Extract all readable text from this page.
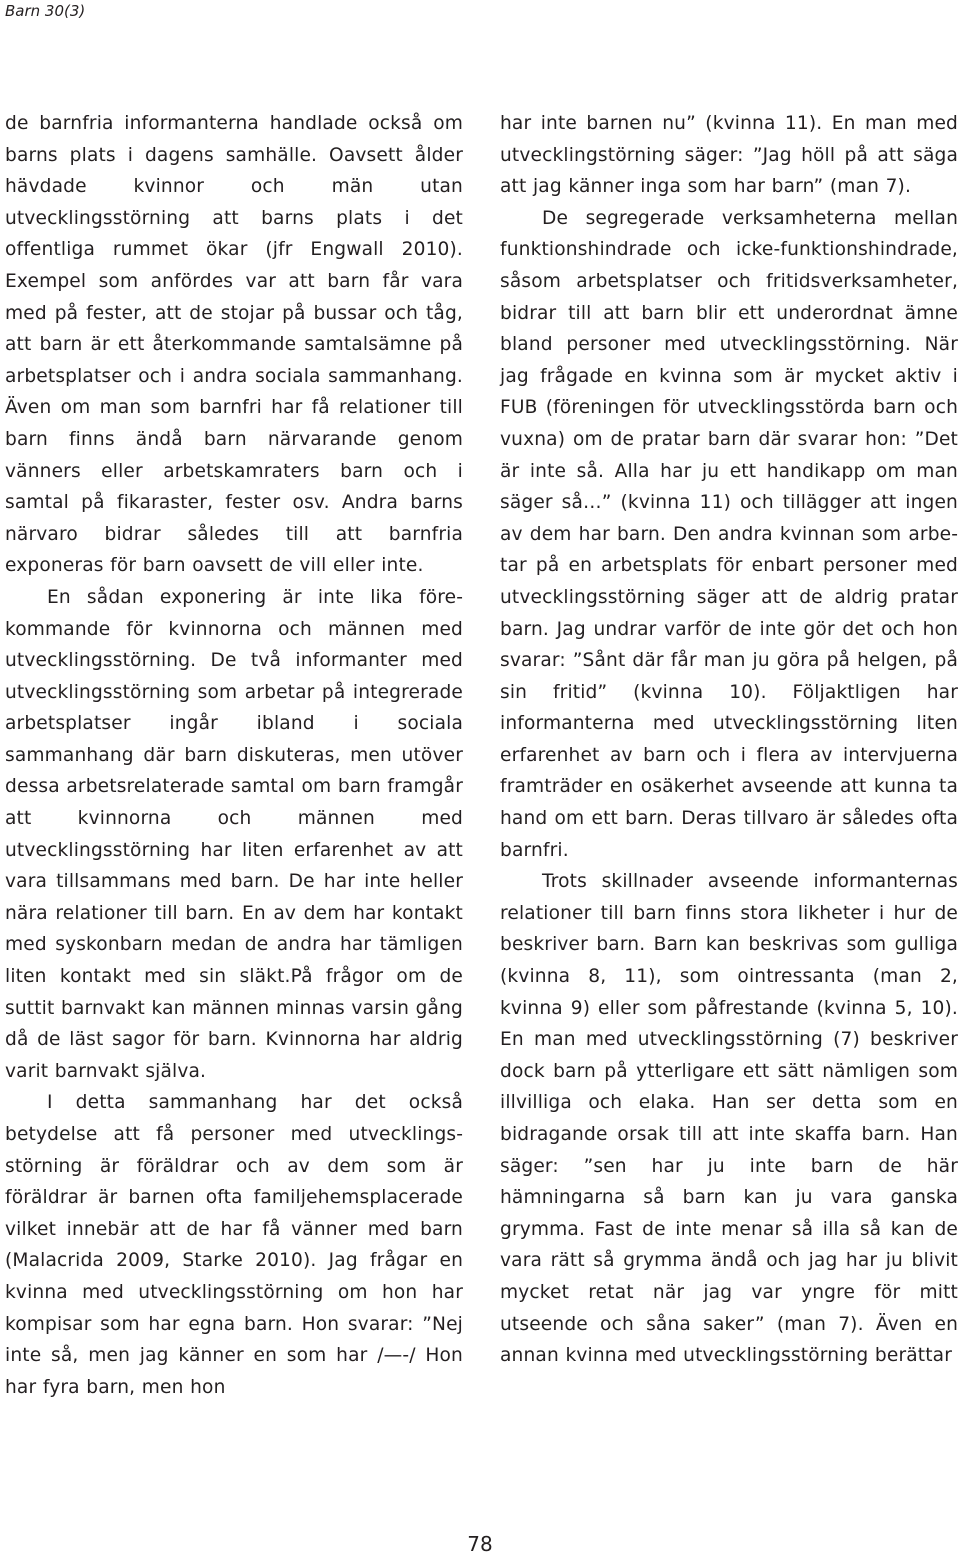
Barn 30(3)

de barnfria informanterna handlade också om barns plats i dagens samhälle. Oavsett ålder hävdade kvinnor och män utan utvecklingsstörning att barns plats i det offentliga rummet ökar (jfr Engwall 2010). Exempel som anfördes var att barn får vara med på fester, att de stojar på bussar och tåg, att barn är ett återkommande samtalsämne på arbetsplatser och i andra sociala sammanhang. Även om man som barnfri har få relationer till barn finns ändå barn närvarande genom vänners eller arbetskamraters barn och i samtal på fikaraster, fester osv. Andra barns närvaro bidrar således till att barnfria exponeras för barn oavsett de vill eller inte.

En sådan exponering är inte lika förekommande för kvinnorna och männen med utvecklingsstörning. De två informanter med utvecklingsstörning som arbetar på integrerade arbetsplatser ingår ibland i sociala sammanhang där barn diskuteras, men utöver dessa arbetsrelaterade samtal om barn framgår att kvinnorna och männen med utvecklingsstörning har liten erfarenhet av att vara tillsammans med barn. De har inte heller nära relationer till barn. En av dem har kontakt med syskonbarn medan de andra har tämligen liten kontakt med sin släkt.På frågor om de suttit barnvakt kan männen minnas varsin gång då de läst sagor för barn. Kvinnorna har aldrig varit barnvakt själva.

I detta sammanhang har det också betydelse att få personer med utvecklingsstörning är föräldrar och av dem som är föräldrar är barnen ofta familjehemsplacerade vilket innebär att de har få vänner med barn (Malacrida 2009, Starke 2010). Jag frågar en kvinna med utvecklingsstörning om hon har kompisar som har egna barn. Hon svarar: ”Nej inte så, men jag känner en som har /—-/ Hon har fyra barn, men hon

har inte barnen nu” (kvinna 11). En man med utvecklingstörning säger: ”Jag höll på att säga att jag känner inga som har barn” (man 7).

De segregerade verksamheterna mellan funktionshindrade och icke-funktionshindrade, såsom arbetsplatser och fritidsverksamheter, bidrar till att barn blir ett underordnat ämne bland personer med utvecklingsstörning. När jag frågade en kvinna som är mycket aktiv i FUB (föreningen för utvecklingsstörda barn och vuxna) om de pratar barn där svarar hon: ”Det är inte så. Alla har ju ett handikapp om man säger så…” (kvinna 11) och tillägger att ingen av dem har barn. Den andra kvinnan som arbetar på en arbetsplats för enbart personer med utvecklingsstörning säger att de aldrig pratar barn. Jag undrar varför de inte gör det och hon svarar: ”Sånt där får man ju göra på helgen, på sin fritid” (kvinna 10). Följaktligen har informanterna med utvecklingsstörning liten erfarenhet av barn och i flera av intervjuerna framträder en osäkerhet avseende att kunna ta hand om ett barn. Deras tillvaro är således ofta barnfri.

Trots skillnader avseende informanternas relationer till barn finns stora likheter i hur de beskriver barn. Barn kan beskrivas som gulliga (kvinna 8, 11), som ointressanta (man 2, kvinna 9) eller som påfrestande (kvinna 5, 10). En man med utvecklingsstörning (7) beskriver dock barn på ytterligare ett sätt nämligen som illvilliga och elaka. Han ser detta som en bidragande orsak till att inte skaffa barn. Han säger: ”sen har ju inte barn de här hämningarna så barn kan ju vara ganska grymma. Fast de inte menar så illa så kan de vara rätt så grymma ändå och jag har ju blivit mycket retat när jag var yngre för mitt utseende och såna saker” (man 7). Även en annan kvinna med utvecklingsstörning berättar

78
